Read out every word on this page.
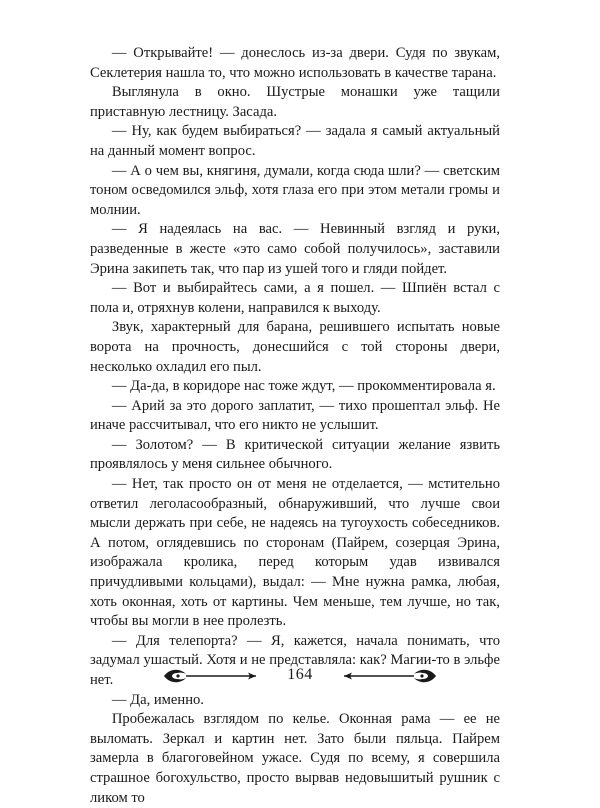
— Открывайте! — донеслось из-за двери. Судя по звукам, Секлетерия нашла то, что можно использовать в качестве тарана.

Выглянула в окно. Шустрые монашки уже тащили приставную лестницу. Засада.

— Ну, как будем выбираться? — задала я самый актуальный на данный момент вопрос.

— А о чем вы, княгиня, думали, когда сюда шли? — светским тоном осведомился эльф, хотя глаза его при этом метали громы и молнии.

— Я надеялась на вас. — Невинный взгляд и руки, разведенные в жесте «это само собой получилось», заставили Эрина закипеть так, что пар из ушей того и гляди пойдет.

— Вот и выбирайтесь сами, а я пошел. — Шпиён встал с пола и, отряхнув колени, направился к выходу.

Звук, характерный для барана, решившего испытать новые ворота на прочность, донесшийся с той стороны двери, несколько охладил его пыл.

— Да-да, в коридоре нас тоже ждут, — прокомментировала я.

— Арий за это дорого заплатит, — тихо прошептал эльф. Не иначе рассчитывал, что его никто не услышит.

— Золотом? — В критической ситуации желание язвить проявлялось у меня сильнее обычного.

— Нет, так просто он от меня не отделается, — мстительно ответил леголасообразный, обнаруживший, что лучше свои мысли держать при себе, не надеясь на тугоухость собеседников. А потом, оглядевшись по сторонам (Пайрем, созерцая Эрина, изображала кролика, перед которым удав извивался причудливыми кольцами), выдал: — Мне нужна рамка, любая, хоть оконная, хоть от картины. Чем меньше, тем лучше, но так, чтобы вы могли в нее пролезть.

— Для телепорта? — Я, кажется, начала понимать, что задумал ушастый. Хотя и не представляла: как? Магии-то в эльфе нет.

— Да, именно.

Пробежалась взглядом по келье. Оконная рама — ее не выломать. Зеркал и картин нет. Зато были пяльца. Пайрем замерла в благоговейном ужасе. Судя по всему, я совершила страшное богохульство, просто вырвав недовышитый рушник с ликом то

164
